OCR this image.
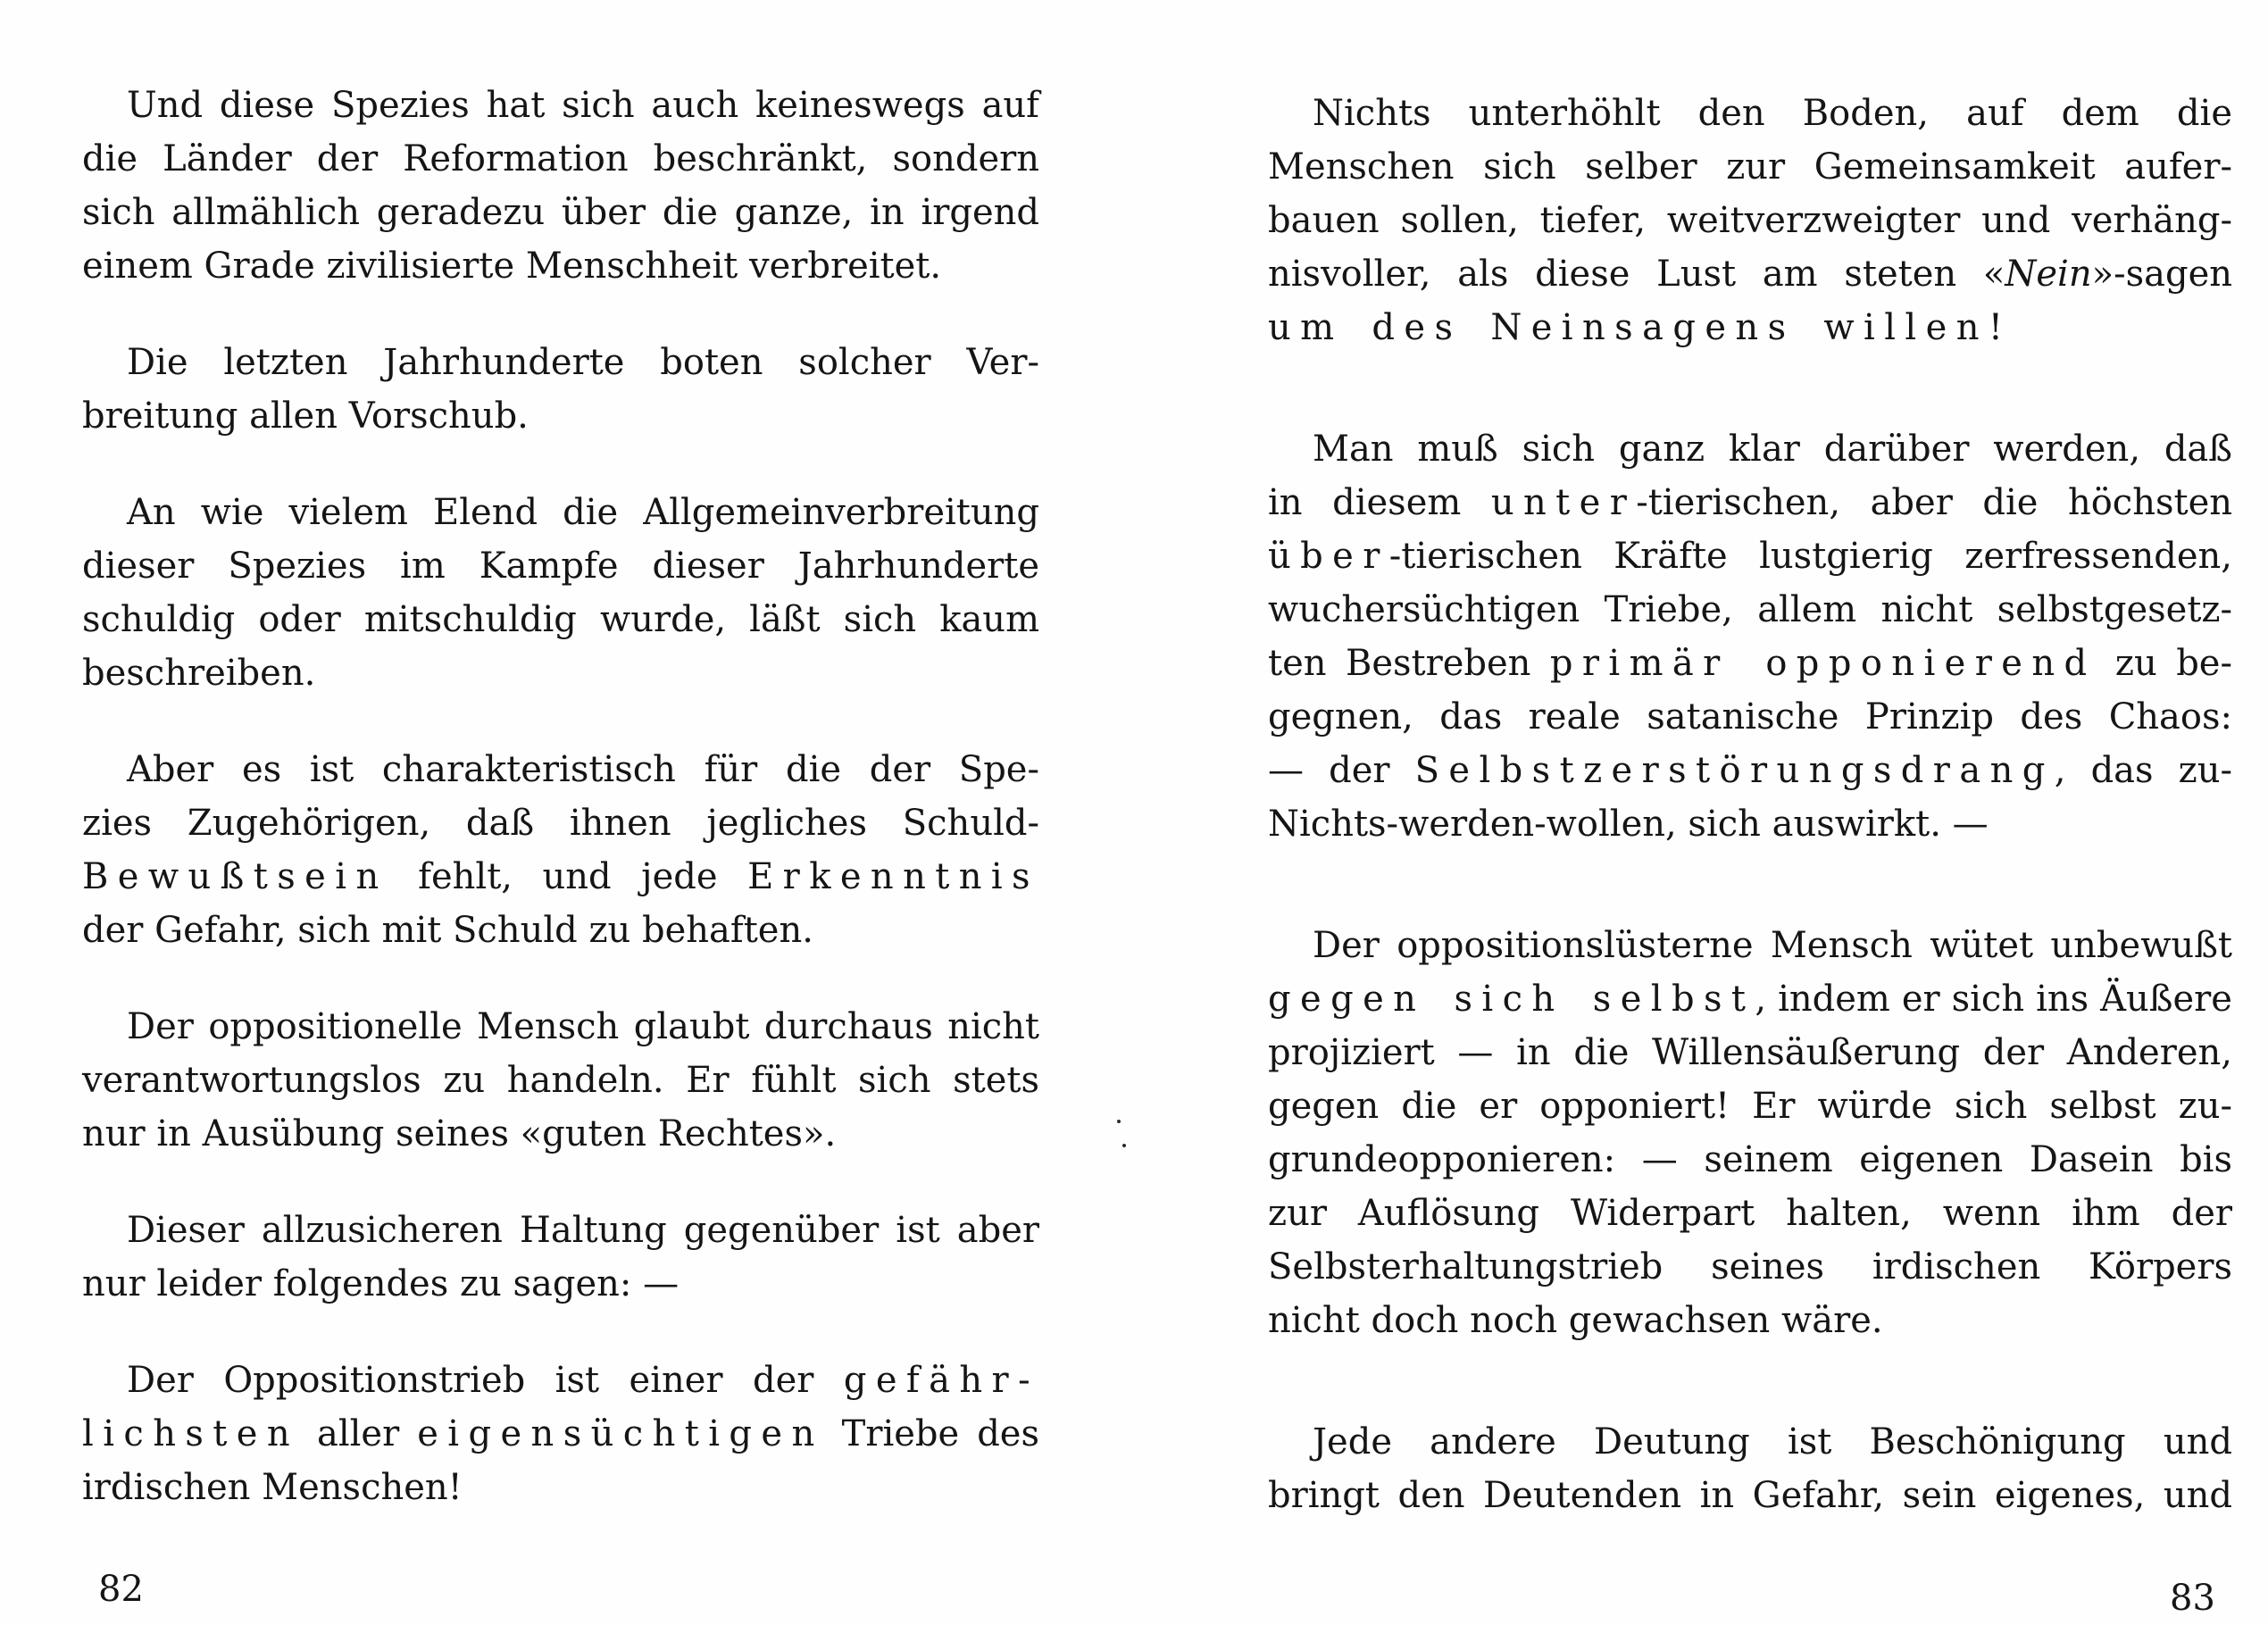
Und diese Spezies hat sich auch keineswegs auf
die Länder der Reformation beschränkt, sondern
sich allmählich geradezu über die ganze, in irgend
einem Grade zivilisierte Menschheit verbreitet.
Die letzten Jahrhunderte boten solcher Ver-
breitung allen Vorschub.
An wie vielem Elend die Allgemeinverbreitung
dieser Spezies im Kampfe dieser Jahrhunderte
schuldig oder mitschuldig wurde, läßt sich kaum
beschreiben.
Aber es ist charakteristisch für die der Spe-
zies Zugehörigen, daß ihnen jegliches Schuld-
Bewußtsein fehlt, und jede Erkenntnis
der Gefahr, sich mit Schuld zu behaften.
Der oppositionelle Mensch glaubt durchaus nicht
verantwortungslos zu handeln. Er fühlt sich stets
nur in Ausübung seines «guten Rechtes».
Dieser allzusicheren Haltung gegenüber ist aber
nur leider folgendes zu sagen: —
Der Oppositionstrieb ist einer der gefähr-
lichsten aller eigensüchtigen Triebe des
irdischen Menschen!
Nichts unterhöhlt den Boden, auf dem die
Menschen sich selber zur Gemeinsamkeit aufer-
bauen sollen, tiefer, weitverzweigter und verhäng-
nisvoller, als diese Lust am steten «Nein»-sagen
um des Neinsagens willen!
Man muß sich ganz klar darüber werden, daß
in diesem unter-tierischen, aber die höchsten
über-tierischen Kräfte lustgierig zerfressenden,
wuchersüchtigen Triebe, allem nicht selbstgesetz-
ten Bestreben primär opponierend zu be-
gegnen, das reale satanische Prinzip des Chaos:
— der Selbstzerstörungsdrang, das zu-
Nichts-werden-wollen, sich auswirkt. —
Der oppositionslüsterne Mensch wütet unbewußt
gegen sich selbst, indem er sich ins Äußere
projiziert — in die Willensäußerung der Anderen,
gegen die er opponiert! Er würde sich selbst zu-
grundeopponieren: — seinem eigenen Dasein bis
zur Auflösung Widerpart halten, wenn ihm der
Selbsterhaltungstrieb seines irdischen Körpers
nicht doch noch gewachsen wäre.
Jede andere Deutung ist Beschönigung und
bringt den Deutenden in Gefahr, sein eigenes, und
82	83
